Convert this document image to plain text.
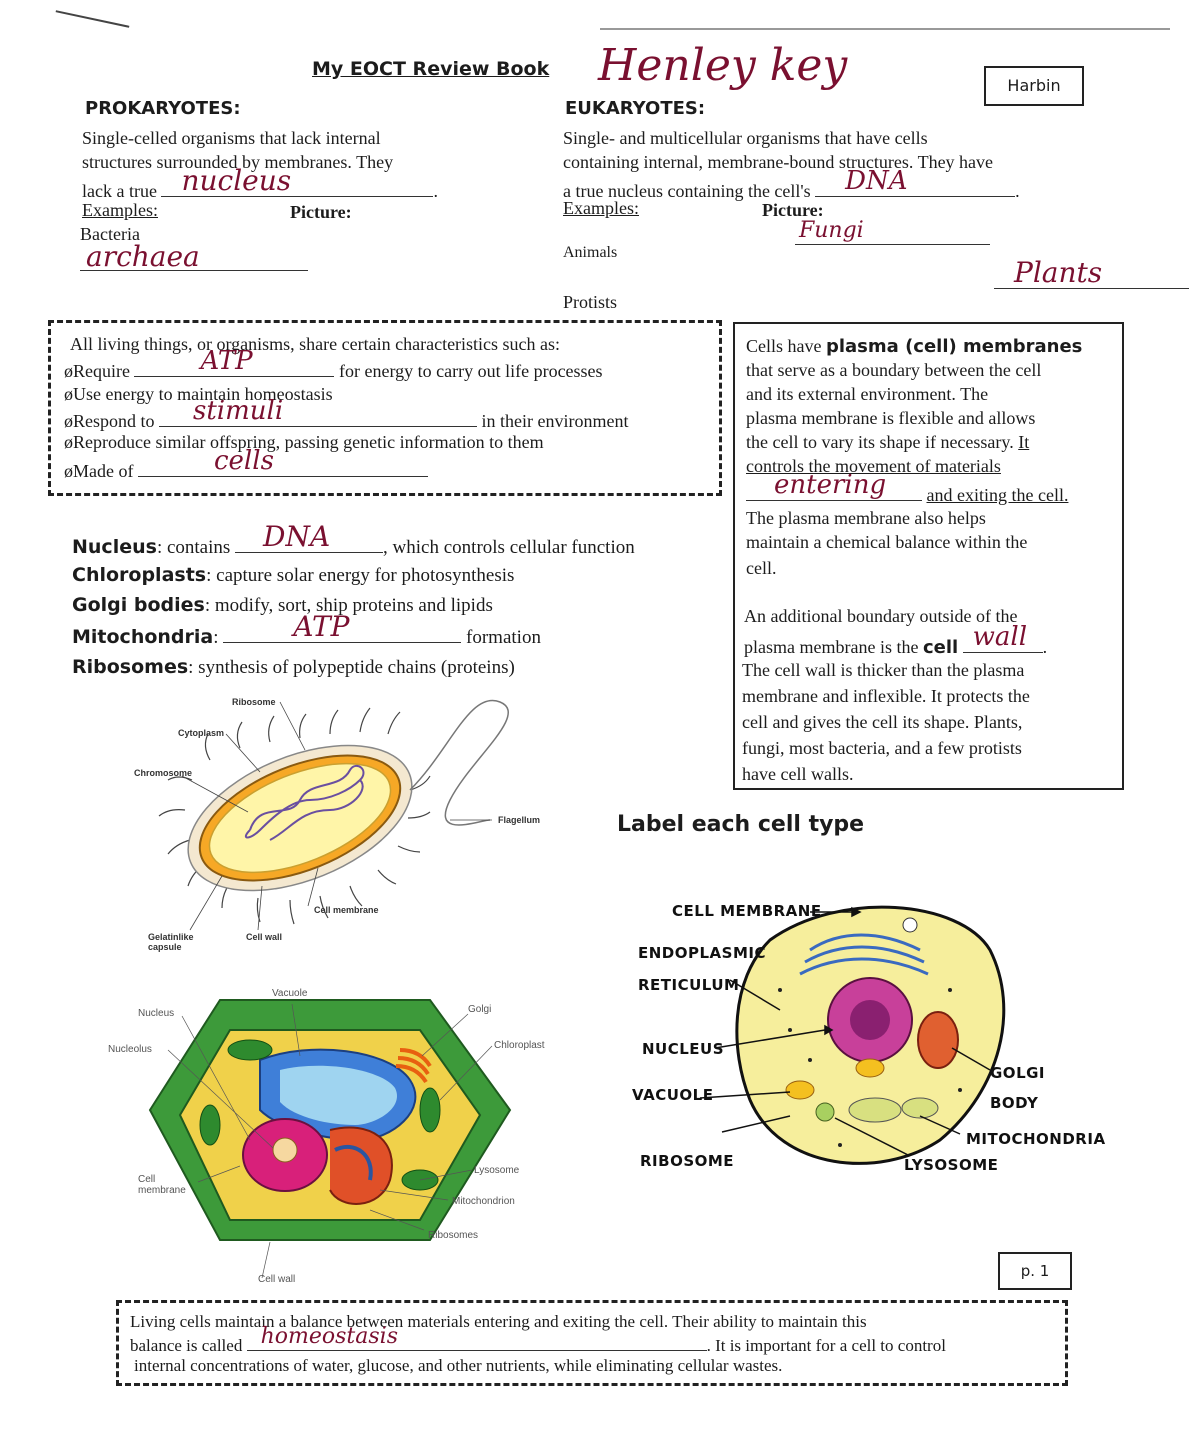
My EOCT Review Book Henley key	Harbin
PROKARYOTES:
Single-celled organisms that lack internal
structures surrounded by membranes. They
lack a true nucleus	.
Examples:	Picture:
Bacteria
archaea

EUKARYOTES:
Single- and multicellular organisms that have cells
containing internal, membrane-bound structures. They have
a true nucleus containing the cell's DNA	.
Examples:	Picture:
Fungi

Animals
Plants
Protists
All living things, or organisms, share certain characteristics such as:
øRequire	ATP	for energy to carry out life processes
øUse energy to maintain homeostasis
øRespond to stimuli	in their environment
øReproduce similar offspring, passing genetic information to them
øMade of	cells
Cells have plasma (cell) membranes
that serve as a boundary between the cell
and its external environment. The
plasma membrane is flexible and allows
the cell to vary its shape if necessary. It
controls the movement of materials
entering and exiting the cell.
The plasma membrane also helps
maintain a chemical balance within the
cell.
An additional boundary outside of the
plasma membrane is the cell wall .
The cell wall is thicker than the plasma
membrane and inflexible. It protects the
cell and gives the cell its shape. Plants,
fungi, most bacteria, and a few protists
have cell walls.
Nucleus: contains DNA	, which controls cellular function
Chloroplasts: capture solar energy for photosynthesis
Golgi bodies: modify, sort, ship proteins and lipids
Mitochondria:	ATP	formation
Ribosomes: synthesis of polypeptide chains (proteins)
Ribosome
Cytoplasm
Chromosome
Flagellum
Cell membrane
Gelatinlike capsule
Cell wall
Vacuole
Golgi
Nucleus
Nucleolus	Chloroplast
Cell membrane
Lysosome
Mitochondrion
Ribosomes
Cell wall
Label each cell type
CELL MEMBRANE
ENDOPLASMIC
RETICULUM
NUCLEUS
VACUOLE
RIBOSOME
GOLGI
BODY
MITOCHONDRIA
LYSOSOME
p. 1
Living cells maintain a balance between materials entering and exiting the cell. Their ability to maintain this
balance is called homeostasis	. It is important for a cell to control
internal concentrations of water, glucose, and other nutrients, while eliminating cellular wastes.
